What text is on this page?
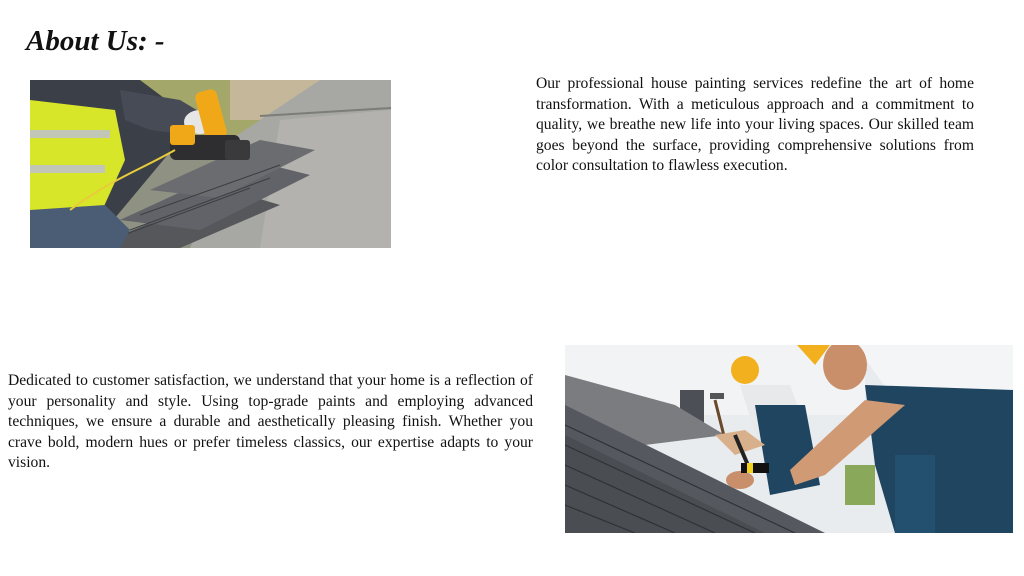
About Us: -

Our professional house painting services redefine the art of home transformation. With a meticulous approach and a commitment to quality, we breathe new life into your living spaces. Our skilled team goes beyond the surface, providing comprehensive solutions from color consultation to flawless execution.

Dedicated to customer satisfaction, we understand that your home is a reflection of your personality and style. Using top-grade paints and employing advanced techniques, we ensure a durable and aesthetically pleasing finish. Whether you crave bold, modern hues or prefer timeless classics, our expertise adapts to your vision.
